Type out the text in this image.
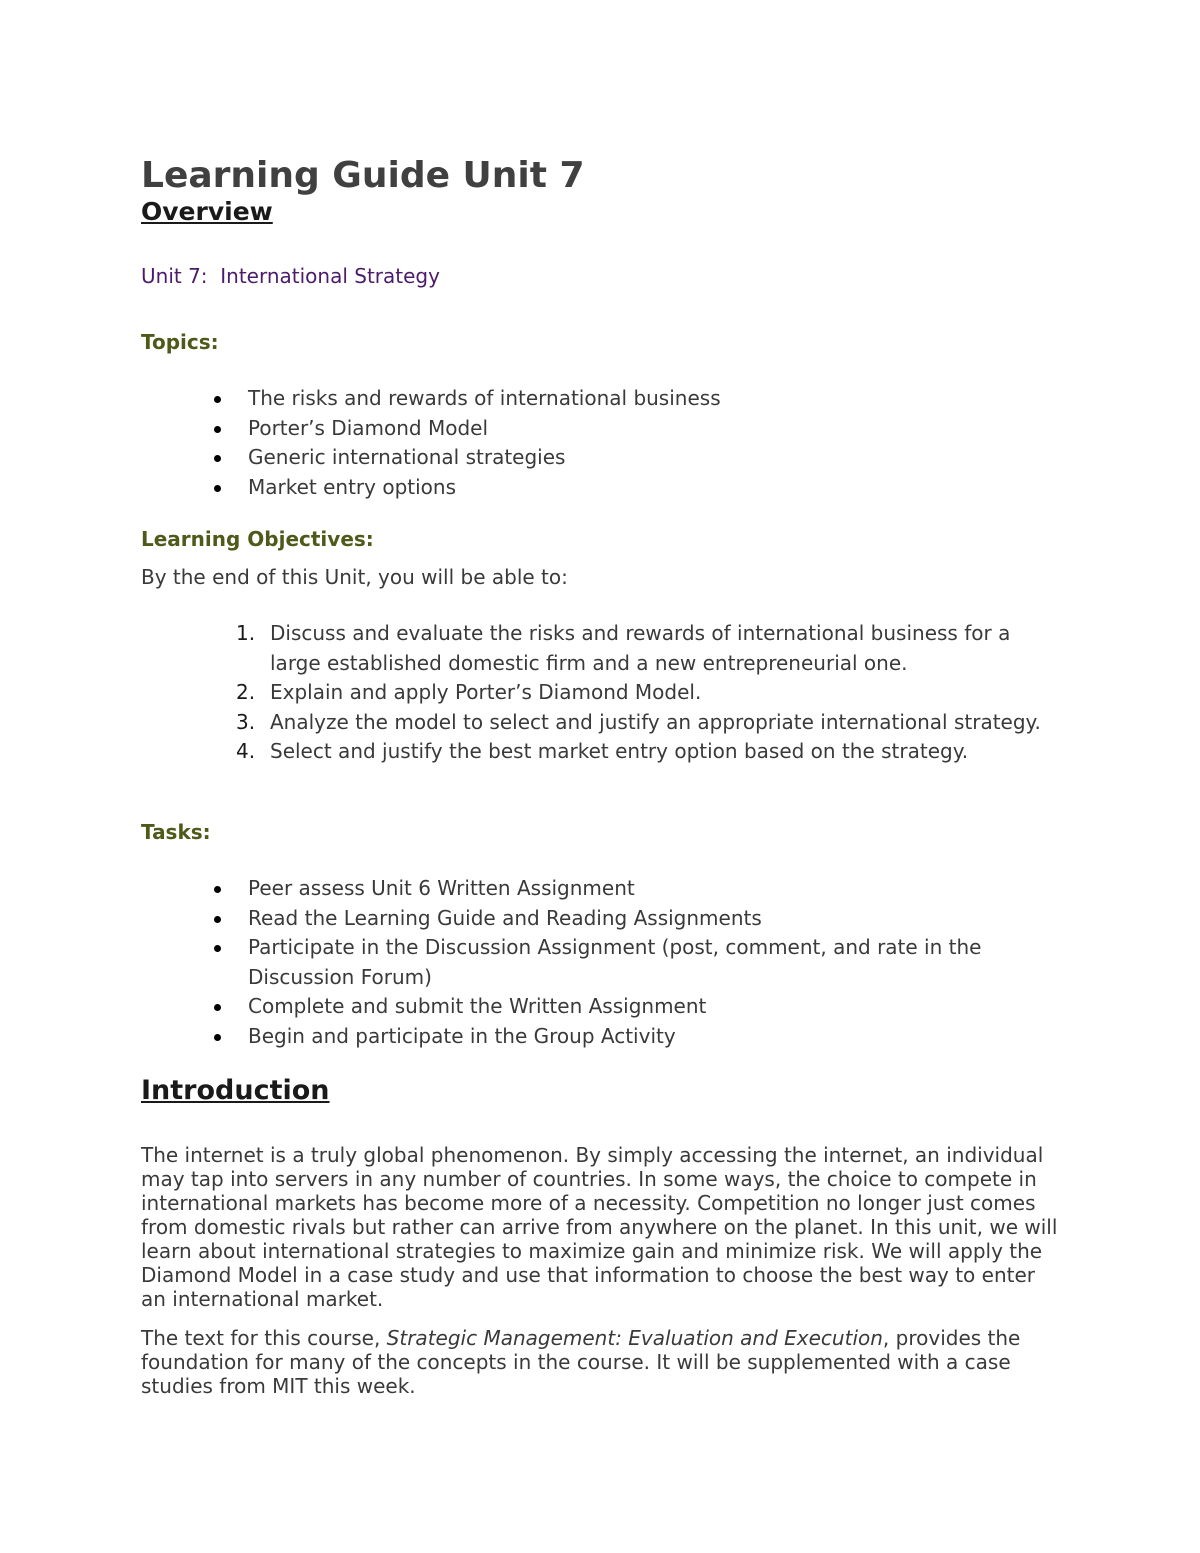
Learning Guide Unit 7
Overview
Unit 7:  International Strategy
Topics:
The risks and rewards of international business
Porter’s Diamond Model
Generic international strategies
Market entry options
Learning Objectives:
By the end of this Unit, you will be able to:
1. Discuss and evaluate the risks and rewards of international business for a large established domestic firm and a new entrepreneurial one.
2. Explain and apply Porter’s Diamond Model.
3. Analyze the model to select and justify an appropriate international strategy.
4. Select and justify the best market entry option based on the strategy.
Tasks:
Peer assess Unit 6 Written Assignment
Read the Learning Guide and Reading Assignments
Participate in the Discussion Assignment (post, comment, and rate in the Discussion Forum)
Complete and submit the Written Assignment
Begin and participate in the Group Activity
Introduction

The internet is a truly global phenomenon. By simply accessing the internet, an individual may tap into servers in any number of countries. In some ways, the choice to compete in international markets has become more of a necessity. Competition no longer just comes from domestic rivals but rather can arrive from anywhere on the planet. In this unit, we will learn about international strategies to maximize gain and minimize risk. We will apply the Diamond Model in a case study and use that information to choose the best way to enter an international market.

The text for this course, Strategic Management: Evaluation and Execution, provides the foundation for many of the concepts in the course. It will be supplemented with a case studies from MIT this week.
